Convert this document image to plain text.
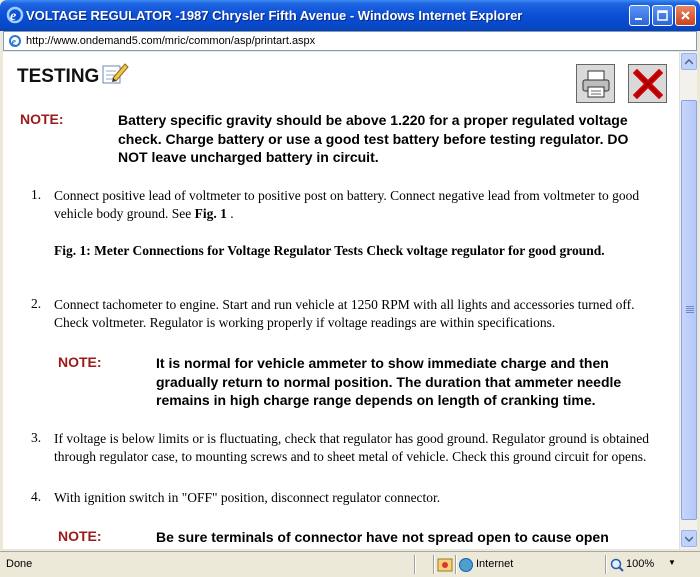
e VOLTAGE REGULATOR -1987 Chrysler Fifth Avenue - Windows Internet Explorer
e http://www.ondemand5.com/mric/common/asp/printart.aspx
TESTING
NOTE:	Battery specific gravity should be above 1.220 for a proper regulated voltage check. Charge battery or use a good test battery before testing regulator. DO NOT leave uncharged battery in circuit.
1. Connect positive lead of voltmeter to positive post on battery. Connect negative lead from voltmeter to good vehicle body ground. See Fig. 1 .
Fig. 1: Meter Connections for Voltage Regulator Tests Check voltage regulator for good ground.
2. Connect tachometer to engine. Start and run vehicle at 1250 RPM with all lights and accessories turned off. Check voltmeter. Regulator is working properly if voltage readings are within specifications.
NOTE:	It is normal for vehicle ammeter to show immediate charge and then gradually return to normal position. The duration that ammeter needle remains in high charge range depends on length of cranking time.
3. If voltage is below limits or is fluctuating, check that regulator has good ground. Regulator ground is obtained through regulator case, to mounting screws and to sheet metal of vehicle. Check this ground circuit for opens.
4. With ignition switch in "OFF" position, disconnect regulator connector.
NOTE:	Be sure terminals of connector have not spread open to cause open
Done	Internet	100% ▼
